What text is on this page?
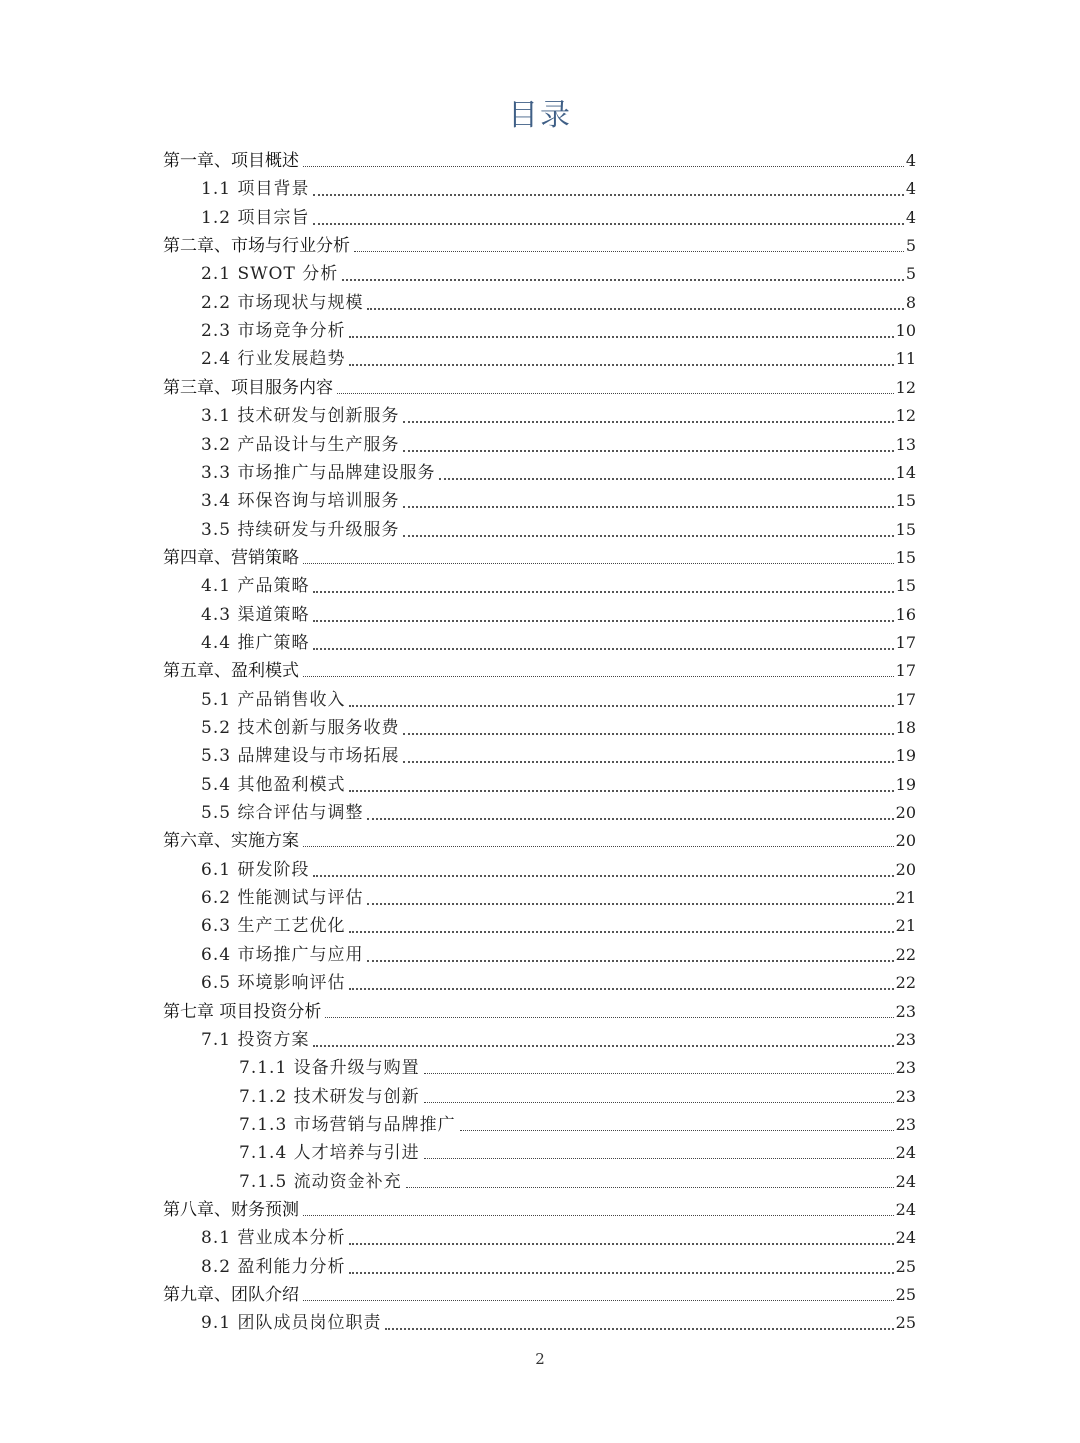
目录
第一章、项目概述	4
1.1 项目背景	4
1.2 项目宗旨	4
第二章、市场与行业分析	5
2.1 SWOT 分析	5
2.2 市场现状与规模	8
2.3 市场竞争分析	10
2.4 行业发展趋势	11
第三章、项目服务内容	12
3.1 技术研发与创新服务	12
3.2 产品设计与生产服务	13
3.3 市场推广与品牌建设服务	14
3.4 环保咨询与培训服务	15
3.5 持续研发与升级服务	15
第四章、营销策略	15
4.1 产品策略	15
4.3 渠道策略	16
4.4 推广策略	17
第五章、盈利模式	17
5.1 产品销售收入	17
5.2 技术创新与服务收费	18
5.3 品牌建设与市场拓展	19
5.4 其他盈利模式	19
5.5 综合评估与调整	20
第六章、实施方案	20
6.1 研发阶段	20
6.2 性能测试与评估	21
6.3 生产工艺优化	21
6.4 市场推广与应用	22
6.5 环境影响评估	22
第七章 项目投资分析	23
7.1 投资方案	23
7.1.1 设备升级与购置	23
7.1.2 技术研发与创新	23
7.1.3 市场营销与品牌推广	23
7.1.4 人才培养与引进	24
7.1.5 流动资金补充	24
第八章、财务预测	24
8.1 营业成本分析	24
8.2 盈利能力分析	25
第九章、团队介绍	25
9.1 团队成员岗位职责	25
2
